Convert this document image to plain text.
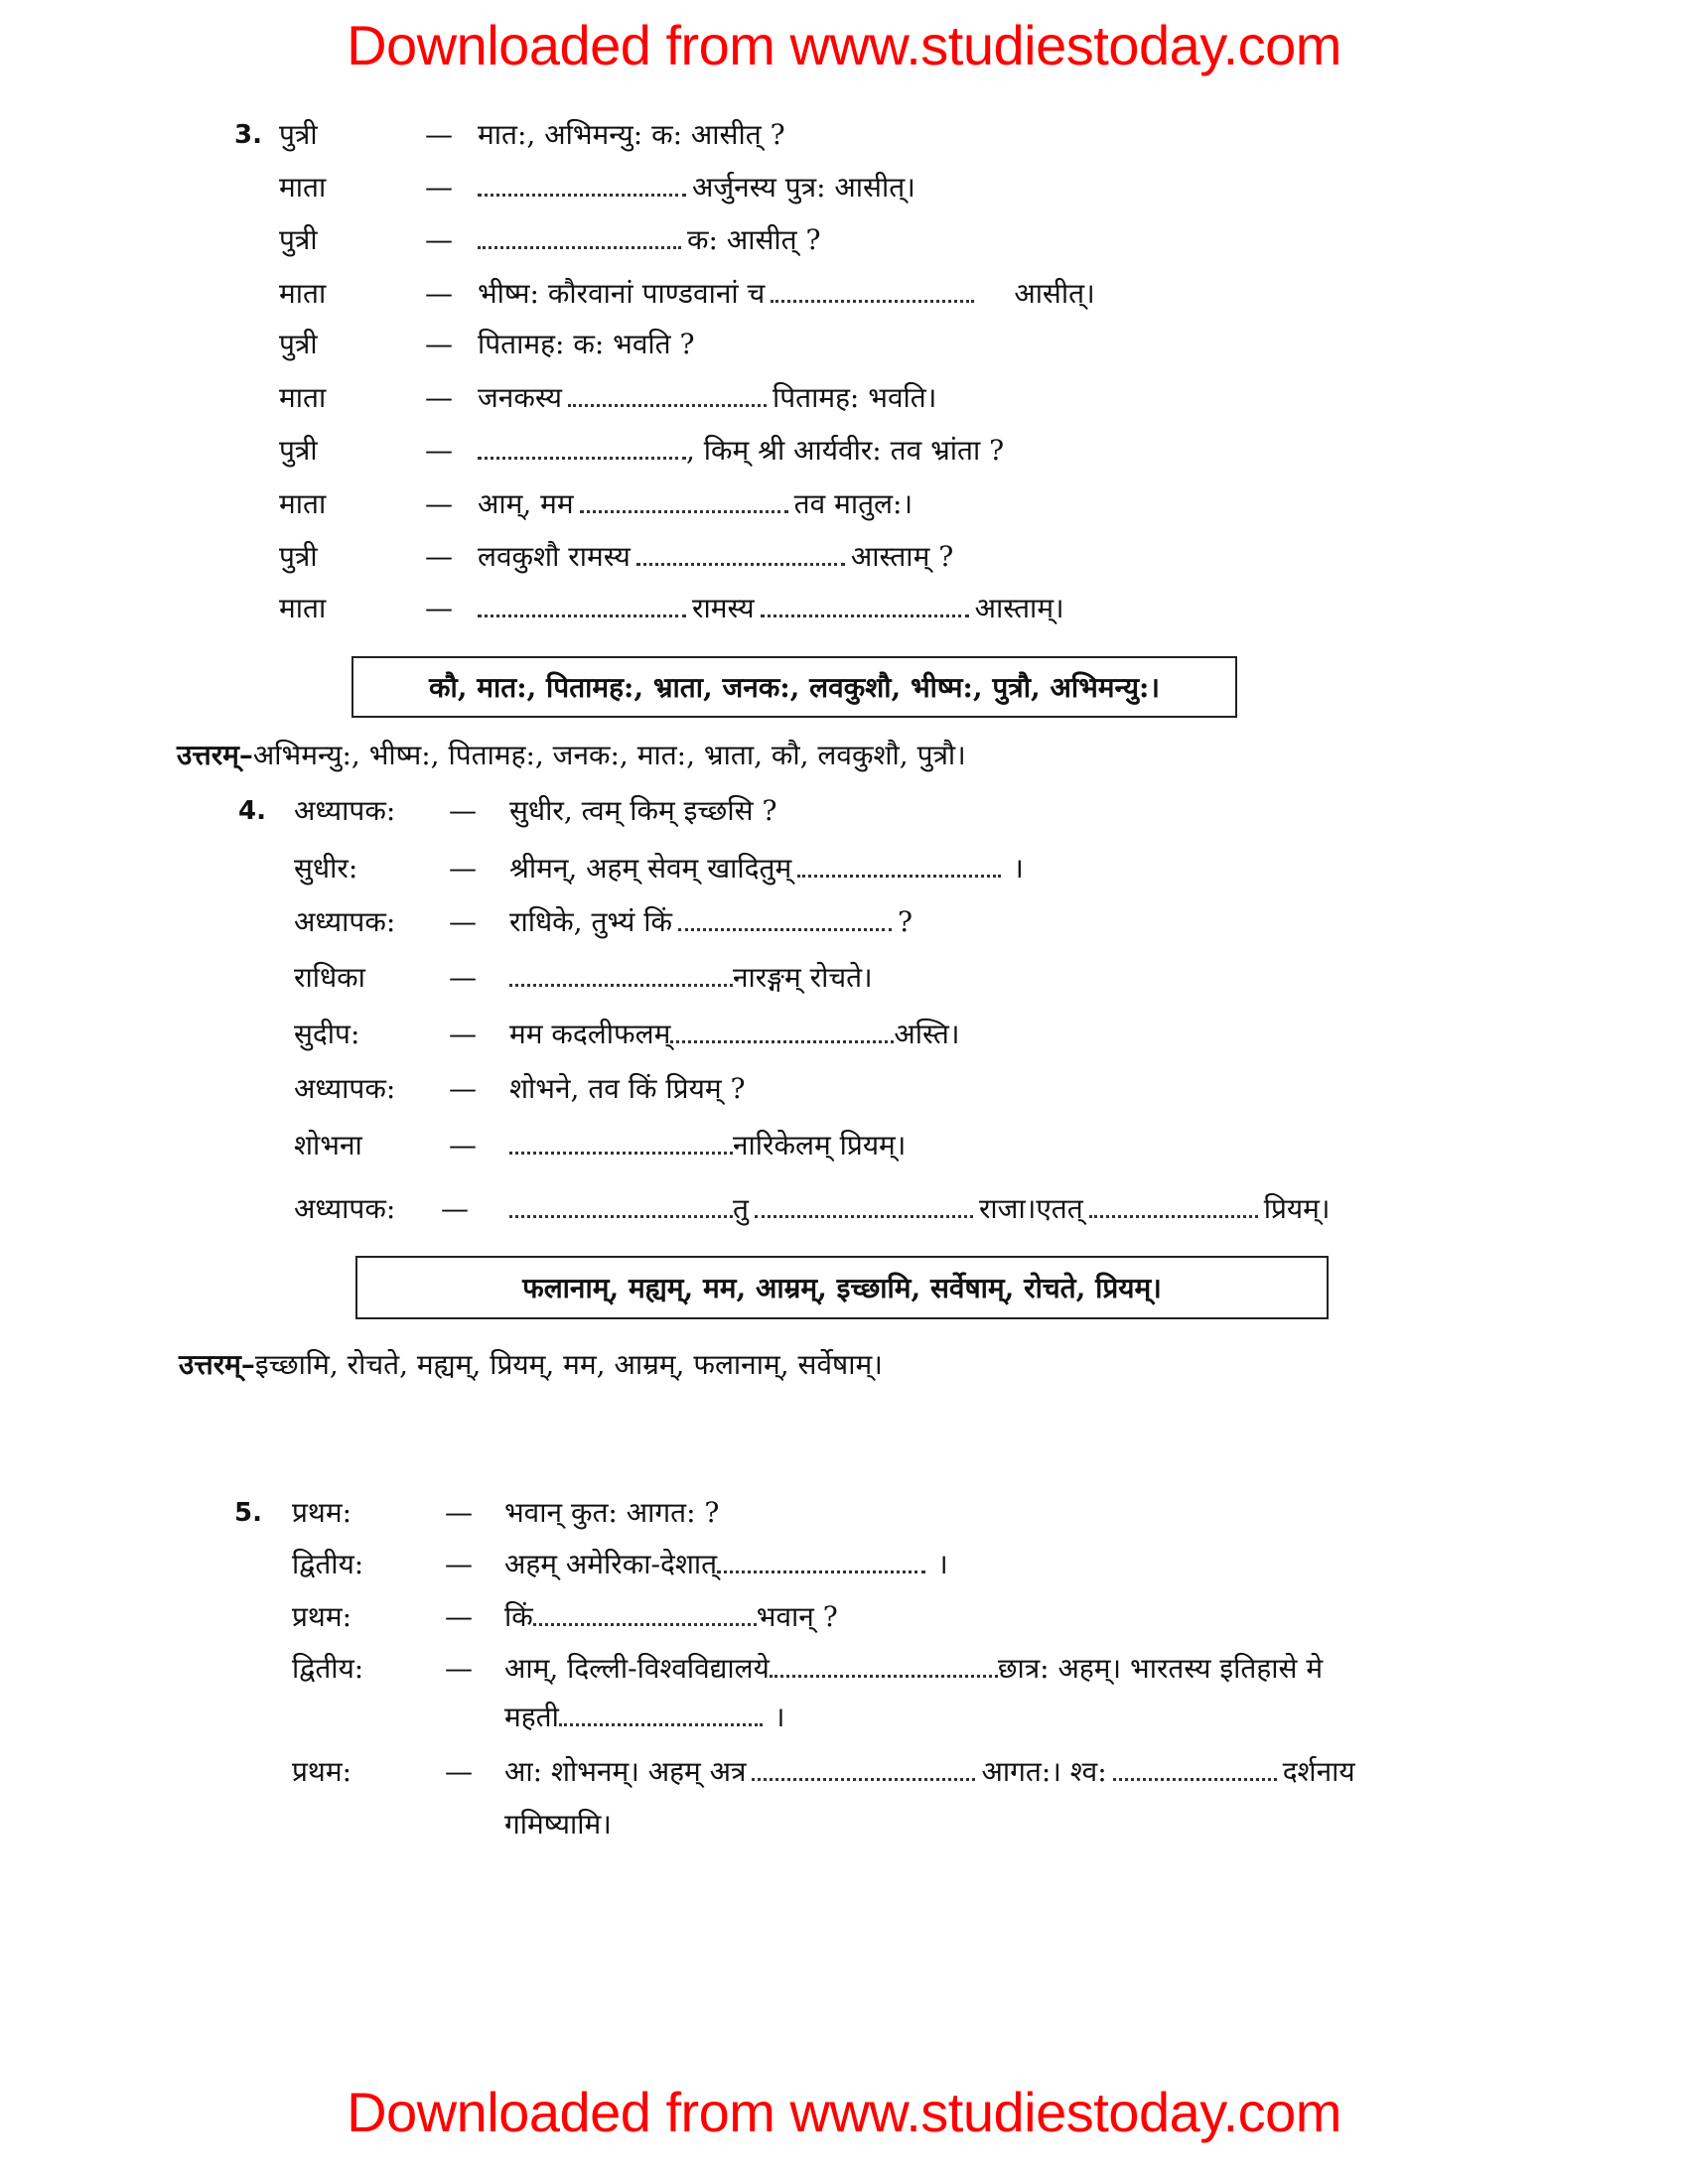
Downloaded from www.studiestoday.com
3. पुत्री	— मात:, अभिमन्यु: क: आसीत् ?
माता	—	अर्जुनस्य पुत्र: आसीत्।
पुत्री	—	क: आसीत् ?
माता	— भीष्म: कौरवानां पाण्डवानां च	आसीत्।
पुत्री	— पितामह: क: भवति ?
माता	— जनकस्य	पितामह: भवति।
पुत्री	—	, किम् श्री आर्यवीर: तव भ्रांता ?
माता	— आम्, मम	तव मातुल:।
पुत्री	— लवकुशौ रामस्य	आस्ताम् ?
माता	—	रामस्य	आस्ताम्।
कौ, मात:, पितामह:, भ्राता, जनक:, लवकुशौ, भीष्म:, पुत्रौ, अभिमन्यु:।
उत्तरम्–अभिमन्यु:, भीष्म:, पितामह:, जनक:, मात:, भ्राता, कौ, लवकुशौ, पुत्रौ।
4. अध्यापक: — सुधीर, त्वम् किम् इच्छसि ?
सुधीर:	— श्रीमन्, अहम् सेवम् खादितुम्	।
अध्यापक: — राधिके, तुभ्यं किं	?
राधिका	—	नारङ्गम् रोचते।
सुदीप:	— मम कदलीफलम्	अस्ति।
अध्यापक: — शोभने, तव किं प्रियम् ?
शोभना	—	नारिकेलम् प्रियम्।
अध्यापक: —	तु	राजा।एतत्	प्रियम्।
फलानाम्, मह्यम्, मम, आम्रम्, इच्छामि, सर्वेषाम्, रोचते, प्रियम्।
उत्तरम्–इच्छामि, रोचते, मह्यम्, प्रियम्, मम, आम्रम्, फलानाम्, सर्वेषाम्।
5. प्रथम:	— भवान् कुत: आगत: ?
द्वितीय:	— अहम् अमेरिका-देशात्	।
प्रथम:	— किं	भवान् ?
द्वितीय:	— आम्, दिल्ली-विश्वविद्यालये	छात्र: अहम्। भारतस्य इतिहासे मे
महती	।
प्रथम:	— आ: शोभनम्। अहम् अत्र	आगत:। श्व:	दर्शनाय
गमिष्यामि।
Downloaded from www.studiestoday.com
